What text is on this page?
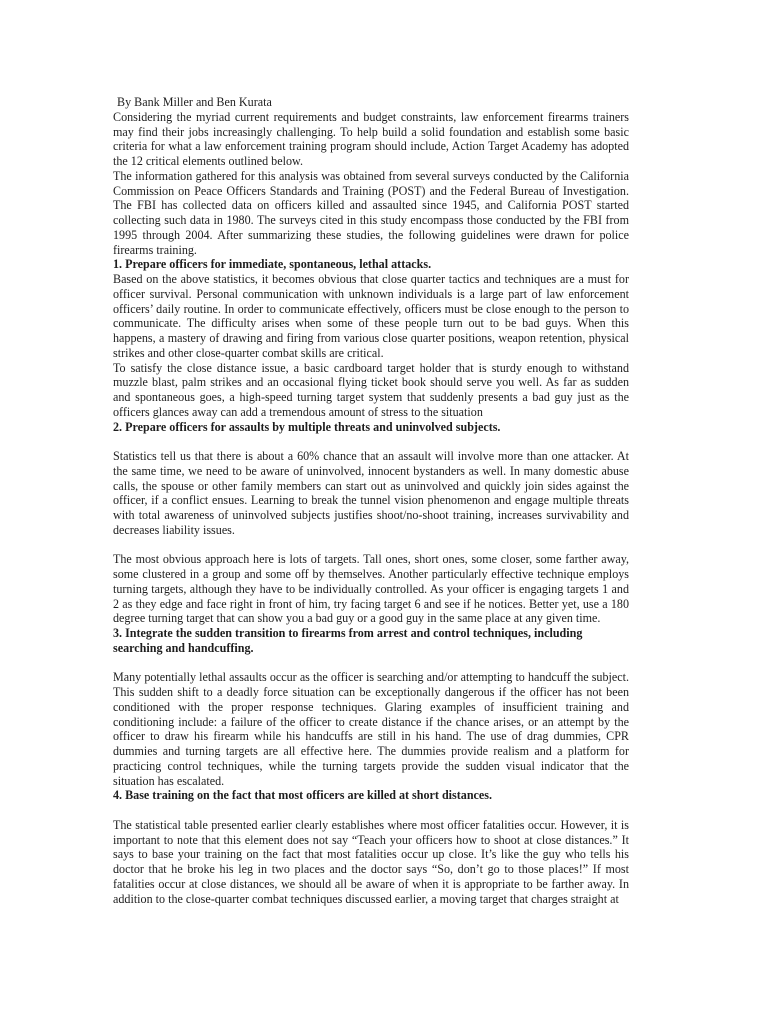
By Bank Miller and Ben Kurata

Considering the myriad current requirements and budget constraints, law enforcement firearms trainers may find their jobs increasingly challenging. To help build a solid foundation and establish some basic criteria for what a law enforcement training program should include, Action Target Academy has adopted the 12 critical elements outlined below.

The information gathered for this analysis was obtained from several surveys conducted by the California Commission on Peace Officers Standards and Training (POST) and the Federal Bureau of Investigation. The FBI has collected data on officers killed and assaulted since 1945, and California POST started collecting such data in 1980. The surveys cited in this study encompass those conducted by the FBI from 1995 through 2004. After summarizing these studies, the following guidelines were drawn for police firearms training.

1. Prepare officers for immediate, spontaneous, lethal attacks.

Based on the above statistics, it becomes obvious that close quarter tactics and techniques are a must for officer survival. Personal communication with unknown individuals is a large part of law enforcement officers’ daily routine. In order to communicate effectively, officers must be close enough to the person to communicate. The difficulty arises when some of these people turn out to be bad guys. When this happens, a mastery of drawing and firing from various close quarter positions, weapon retention, physical strikes and other close-quarter combat skills are critical.

To satisfy the close distance issue, a basic cardboard target holder that is sturdy enough to withstand muzzle blast, palm strikes and an occasional flying ticket book should serve you well. As far as sudden and spontaneous goes, a high-speed turning target system that suddenly presents a bad guy just as the officers glances away can add a tremendous amount of stress to the situation

2. Prepare officers for assaults by multiple threats and uninvolved subjects.

Statistics tell us that there is about a 60% chance that an assault will involve more than one attacker. At the same time, we need to be aware of uninvolved, innocent bystanders as well. In many domestic abuse calls, the spouse or other family members can start out as uninvolved and quickly join sides against the officer, if a conflict ensues. Learning to break the tunnel vision phenomenon and engage multiple threats with total awareness of uninvolved subjects justifies shoot/no-shoot training, increases survivability and decreases liability issues.

The most obvious approach here is lots of targets. Tall ones, short ones, some closer, some farther away, some clustered in a group and some off by themselves. Another particularly effective technique employs turning targets, although they have to be individually controlled. As your officer is engaging targets 1 and 2 as they edge and face right in front of him, try facing target 6 and see if he notices. Better yet, use a 180 degree turning target that can show you a bad guy or a good guy in the same place at any given time.

3. Integrate the sudden transition to firearms from arrest and control techniques, including searching and handcuffing.

Many potentially lethal assaults occur as the officer is searching and/or attempting to handcuff the subject. This sudden shift to a deadly force situation can be exceptionally dangerous if the officer has not been conditioned with the proper response techniques. Glaring examples of insufficient training and conditioning include: a failure of the officer to create distance if the chance arises, or an attempt by the officer to draw his firearm while his handcuffs are still in his hand. The use of drag dummies, CPR dummies and turning targets are all effective here. The dummies provide realism and a platform for practicing control techniques, while the turning targets provide the sudden visual indicator that the situation has escalated.

4. Base training on the fact that most officers are killed at short distances.

The statistical table presented earlier clearly establishes where most officer fatalities occur. However, it is important to note that this element does not say “Teach your officers how to shoot at close distances.” It says to base your training on the fact that most fatalities occur up close. It’s like the guy who tells his doctor that he broke his leg in two places and the doctor says “So, don’t go to those places!” If most fatalities occur at close distances, we should all be aware of when it is appropriate to be farther away. In addition to the close-quarter combat techniques discussed earlier, a moving target that charges straight at
